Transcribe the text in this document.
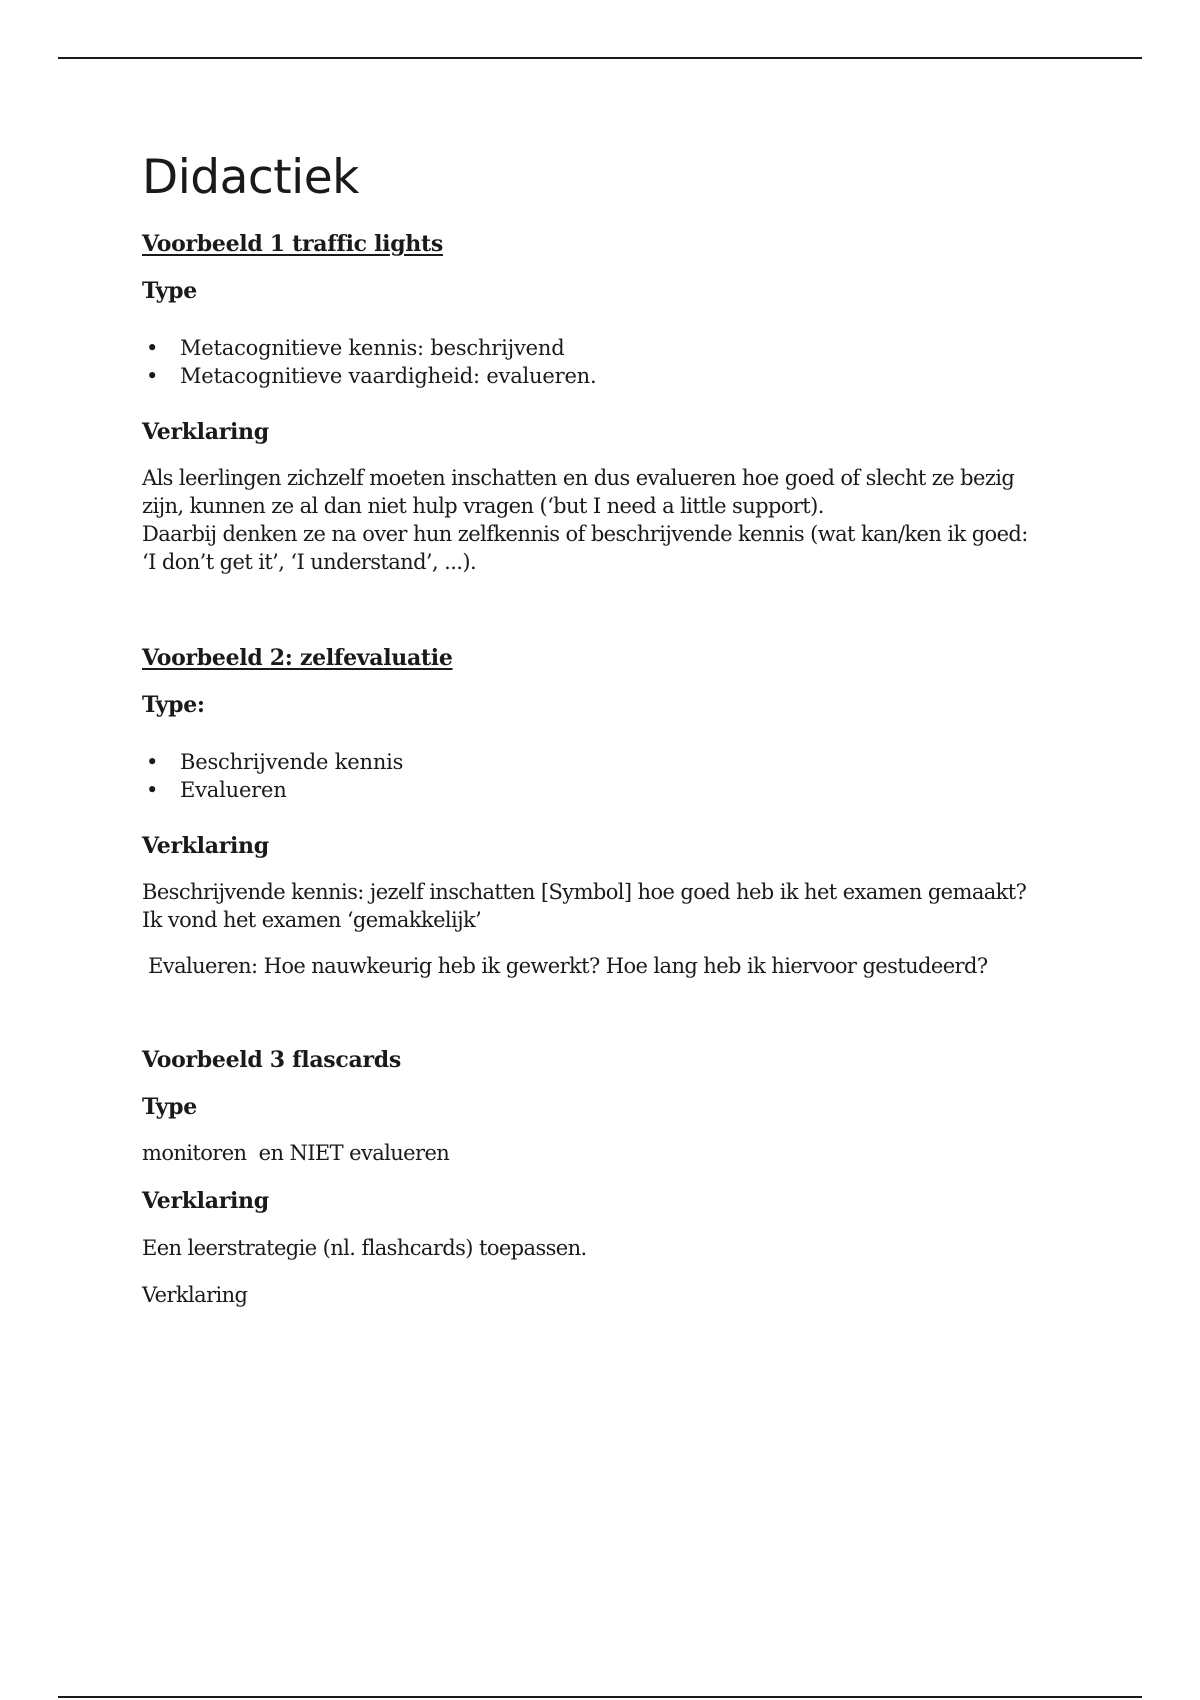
Didactiek

Voorbeeld 1 traffic lights

Type

• Metacognitieve kennis: beschrijvend
• Metacognitieve vaardigheid: evalueren.

Verklaring

Als leerlingen zichzelf moeten inschatten en dus evalueren hoe goed of slecht ze bezig

zijn, kunnen ze al dan niet hulp vragen (‘but I need a little support).

Daarbij denken ze na over hun zelfkennis of beschrijvende kennis (wat kan/ken ik goed:

‘I don’t get it’, ‘I understand’, ...).

Voorbeeld 2: zelfevaluatie

Type:

• Beschrijvende kennis
• Evalueren

Verklaring

Beschrijvende kennis: jezelf inschatten [Symbol] hoe goed heb ik het examen gemaakt?

Ik vond het examen ‘gemakkelijk’

Evalueren: Hoe nauwkeurig heb ik gewerkt? Hoe lang heb ik hiervoor gestudeerd?

Voorbeeld 3 flascards

Type

monitoren  en NIET evalueren

Verklaring

Een leerstrategie (nl. flashcards) toepassen.

Verklaring
